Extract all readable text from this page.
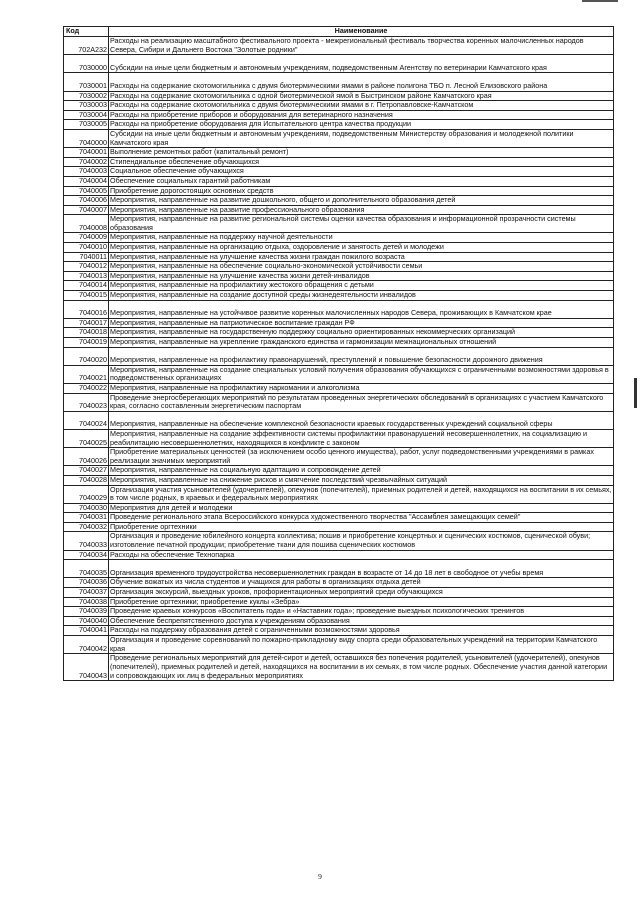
Код	Наименование
702A232	Расходы на реализацию масштабного фестивального проекта - межрегиональный фестиваль творчества коренных малочисленных народов Севера, Сибири и Дальнего Востока "Золотые родники"
7030000	Субсидии на иные цели бюджетным и автономным учреждениям, подведомственным Агентству по ветеринарии Камчатского края
7030001	Расходы на содержание скотомогильника с двумя биотермическими ямами в районе полигона ТБО п. Лесной Елизовского района
7030002	Расходы на содержание скотомогильника с одной биотермической ямой в Быстринском районе Камчатского края
7030003	Расходы на содержание скотомогильника с двумя биотермическими ямами в г. Петропавловске-Камчатском
7030004	Расходы на приобретение приборов и оборудования для ветеринарного назначения
7030005	Расходы на приобретение оборудования для Испытательного центра качества продукции
7040000	Субсидии на иные цели бюджетным и автономным учреждениям, подведомственным Министерству образования и молодежной политики Камчатского края
7040001	Выполнение ремонтных работ (капитальный ремонт)
7040002	Стипендиальное обеспечение обучающихся
7040003	Социальное обеспечение обучающихся
7040004	Обеспечение социальных гарантий работникам
7040005	Приобретение дорогостоящих основных средств
7040006	Мероприятия, направленные на развитие дошкольного, общего и дополнительного образования детей
7040007	Мероприятия, направленные на развитие профессионального образования
7040008	Мероприятия, направленные на развитие региональной системы оценки качества образования и информационной прозрачности системы образования
7040009	Мероприятия, направленные на поддержку научной деятельности
7040010	Мероприятия, направленные на организацию отдыха, оздоровление и занятость детей и молодежи
7040011	Мероприятия, направленные на улучшение качества жизни граждан пожилого возраста
7040012	Мероприятия, направленные на обеспечение социально-экономической устойчивости семьи
7040013	Мероприятия, направленные на улучшение качества жизни детей-инвалидов
7040014	Мероприятия, направленные на профилактику жестокого обращения с детьми
7040015	Мероприятия, направленные на создание доступной среды жизнедеятельности инвалидов
7040016	Мероприятия, направленные на устойчивое развитие коренных малочисленных народов Севера, проживающих в Камчатском крае
7040017	Мероприятия, направленные на патриотическое воспитание граждан РФ
7040018	Мероприятия, направленные на государственную поддержку социально ориентированных некоммерческих организаций
7040019	Мероприятия, направленные на укрепление гражданского единства и гармонизации межнациональных отношений
7040020	Мероприятия, направленные на профилактику правонарушений, преступлений и повышение безопасности дорожного движения
7040021	Мероприятия, направленные на создание специальных условий получения образования обучающихся с ограниченными возможностями здоровья в подведомственных организациях
7040022	Мероприятия, направленные на профилактику наркомании и алкоголизма
7040023	Проведение энергосберегающих мероприятий по результатам проведенных энергетических обследований в организациях с участием Камчатского края, согласно составленным энергетическим паспортам
7040024	Мероприятия, направленные на обеспечение комплексной безопасности краевых государственных учреждений социальной сферы
7040025	Мероприятия, направленные на создание эффективности системы профилактики правонарушений несовершеннолетних, на социализацию и реабилитацию несовершеннолетних, находящихся в конфликте с законом
7040026	Приобретение материальных ценностей (за исключением особо ценного имущества), работ, услуг подведомственными учреждениями в рамках реализации значимых мероприятий
7040027	Мероприятия, направленные на социальную адаптацию и сопровождение детей
7040028	Мероприятия, направленные на снижение рисков и смягчение последствий чрезвычайных ситуаций
7040029	Организация участия усыновителей (удочерителей), опекунов (попечителей), приемных родителей и детей, находящихся на воспитании в их семьях, в том числе родных, в краевых и федеральных мероприятиях
7040030	Мероприятия для детей и молодежи
7040031	Проведение регионального этапа Всероссийского конкурса художественного творчества "Ассамблея замещающих семей"
7040032	Приобретение оргтехники
7040033	Организация и проведение юбилейного концерта коллектива; пошив и приобретение концертных и сценических костюмов, сценической обуви; изготовление печатной продукции; приобретение ткани для пошива сценических костюмов
7040034	Расходы на обеспечение Технопарка
7040035	Организация временного трудоустройства несовершеннолетних граждан в возрасте от 14 до 18 лет в свободное от учебы время
7040036	Обучение вожатых из числа студентов и учащихся для работы в организациях отдыха детей
7040037	Организация экскурсий, выездных уроков, профориентационных мероприятий среди обучающихся
7040038	Приобретение оргтехники; приобретение куклы «Зебра»
7040039	Проведение краевых конкурсов «Воспитатель года» и «Наставник года»; проведение выездных психологических тренингов
7040040	Обеспечение беспрепятственного доступа к учреждениям образования
7040041	Расходы на поддержку образования детей с ограниченными возможностями здоровья
7040042	Организация и проведение соревнований по пожарно-прикладному виду спорта среди образовательных учреждений на территории Камчатского края
7040043	Проведение региональных мероприятий для детей-сирот и детей, оставшихся без попечения родителей, усыновителей (удочерителей), опекунов (попечителей), приемных родителей и детей, находящихся на воспитании в их семьях, в том числе родных. Обеспечение участия данной категории и сопровождающих их лиц в федеральных мероприятиях
9
